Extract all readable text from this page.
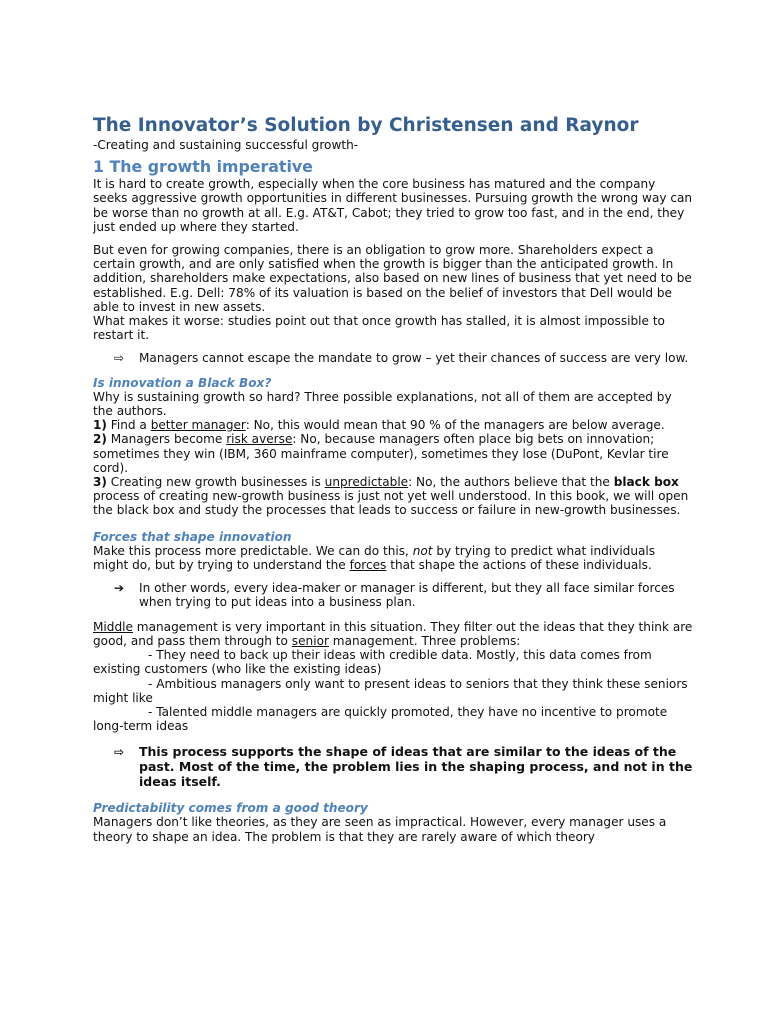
The Innovator’s Solution by Christensen and Raynor

-Creating and sustaining successful growth-

1 The growth imperative

It is hard to create growth, especially when the core business has matured and the company seeks aggressive growth opportunities in different businesses. Pursuing growth the wrong way can be worse than no growth at all. E.g. AT&T, Cabot; they tried to grow too fast, and in the end, they just ended up where they started.

But even for growing companies, there is an obligation to grow more. Shareholders expect a certain growth, and are only satisfied when the growth is bigger than the anticipated growth. In addition, shareholders make expectations, also based on new lines of business that yet need to be established. E.g. Dell: 78% of its valuation is based on the belief of investors that Dell would be able to invest in new assets.

What makes it worse: studies point out that once growth has stalled, it is almost impossible to restart it.

⇨	Managers cannot escape the mandate to grow – yet their chances of success are very low.
Is innovation a Black Box?

Why is sustaining growth so hard? Three possible explanations, not all of them are accepted by the authors.

1) Find a better manager: No, this would mean that 90 % of the managers are below average.

2) Managers become risk averse: No, because managers often place big bets on innovation; sometimes they win (IBM, 360 mainframe computer), sometimes they lose (DuPont, Kevlar tire cord).

3) Creating new growth businesses is unpredictable: No, the authors believe that the black box process of creating new-growth business is just not yet well understood. In this book, we will open the black box and study the processes that leads to success or failure in new-growth businesses.

Forces that shape innovation

Make this process more predictable. We can do this, not by trying to predict what individuals might do, but by trying to understand the forces that shape the actions of these individuals.

➔	In other words, every idea-maker or manager is different, but they all face similar forces when trying to put ideas into a business plan.

Middle management is very important in this situation. They filter out the ideas that they think are good, and pass them through to senior management. Three problems:

- They need to back up their ideas with credible data. Mostly, this data comes from existing customers (who like the existing ideas)

- Ambitious managers only want to present ideas to seniors that they think these seniors might like

- Talented middle managers are quickly promoted, they have no incentive to promote long-term ideas

⇨	This process supports the shape of ideas that are similar to the ideas of the past. Most of the time, the problem lies in the shaping process, and not in the ideas itself.
Predictability comes from a good theory

Managers don’t like theories, as they are seen as impractical. However, every manager uses a theory to shape an idea. The problem is that they are rarely aware of which theory
